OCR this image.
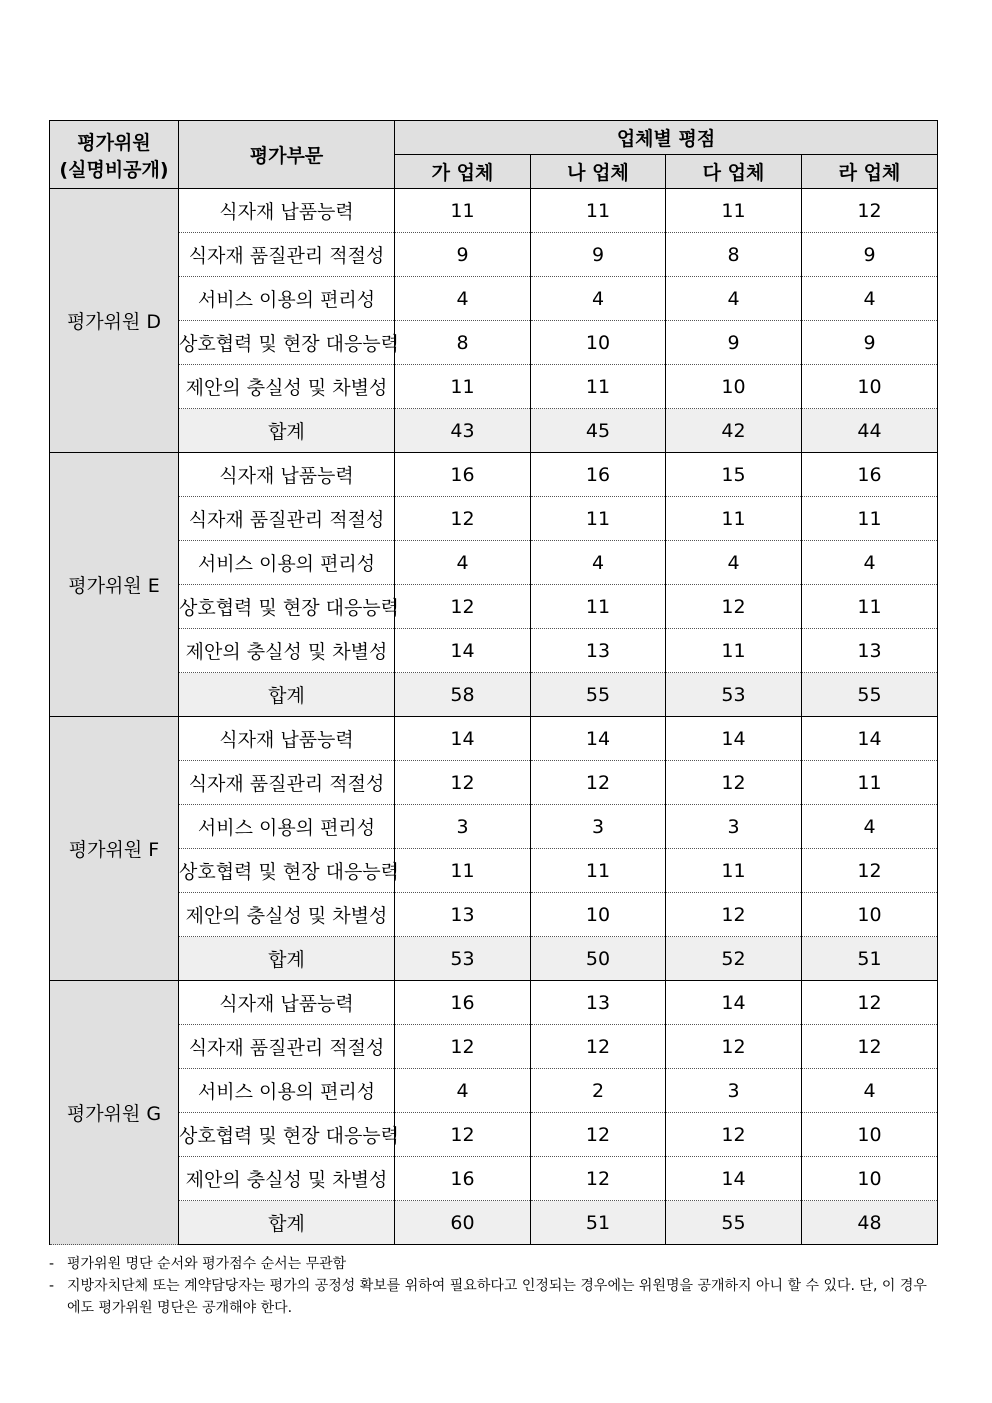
평가위원
(실명비공개)	평가부문	업체별 평점			
		가 업체	나 업체	다 업체	라 업체
평가위원 D	식자재 납품능력	11	11	11	12
	식자재 품질관리 적절성	9	9	8	9
	서비스 이용의 편리성	4	4	4	4
	상호협력 및 현장 대응능력	8	10	9	9
	제안의 충실성 및 차별성	11	11	10	10
	합계	43	45	42	44
평가위원 E	식자재 납품능력	16	16	15	16
	식자재 품질관리 적절성	12	11	11	11
	서비스 이용의 편리성	4	4	4	4
	상호협력 및 현장 대응능력	12	11	12	11
	제안의 충실성 및 차별성	14	13	11	13
	합계	58	55	53	55
평가위원 F	식자재 납품능력	14	14	14	14
	식자재 품질관리 적절성	12	12	12	11
	서비스 이용의 편리성	3	3	3	4
	상호협력 및 현장 대응능력	11	11	11	12
	제안의 충실성 및 차별성	13	10	12	10
	합계	53	50	52	51
평가위원 G	식자재 납품능력	16	13	14	12
	식자재 품질관리 적절성	12	12	12	12
	서비스 이용의 편리성	4	2	3	4
	상호협력 및 현장 대응능력	12	12	12	10
	제안의 충실성 및 차별성	16	12	14	10
	합계	60	51	55	48
- 평가위원 명단 순서와 평가점수 순서는 무관함
- 지방자치단체 또는 계약담당자는 평가의 공정성 확보를 위하여 필요하다고 인정되는 경우에는 위원명을 공개하지 아니 할 수 있다. 단, 이 경우에도 평가위원 명단은 공개해야 한다.
